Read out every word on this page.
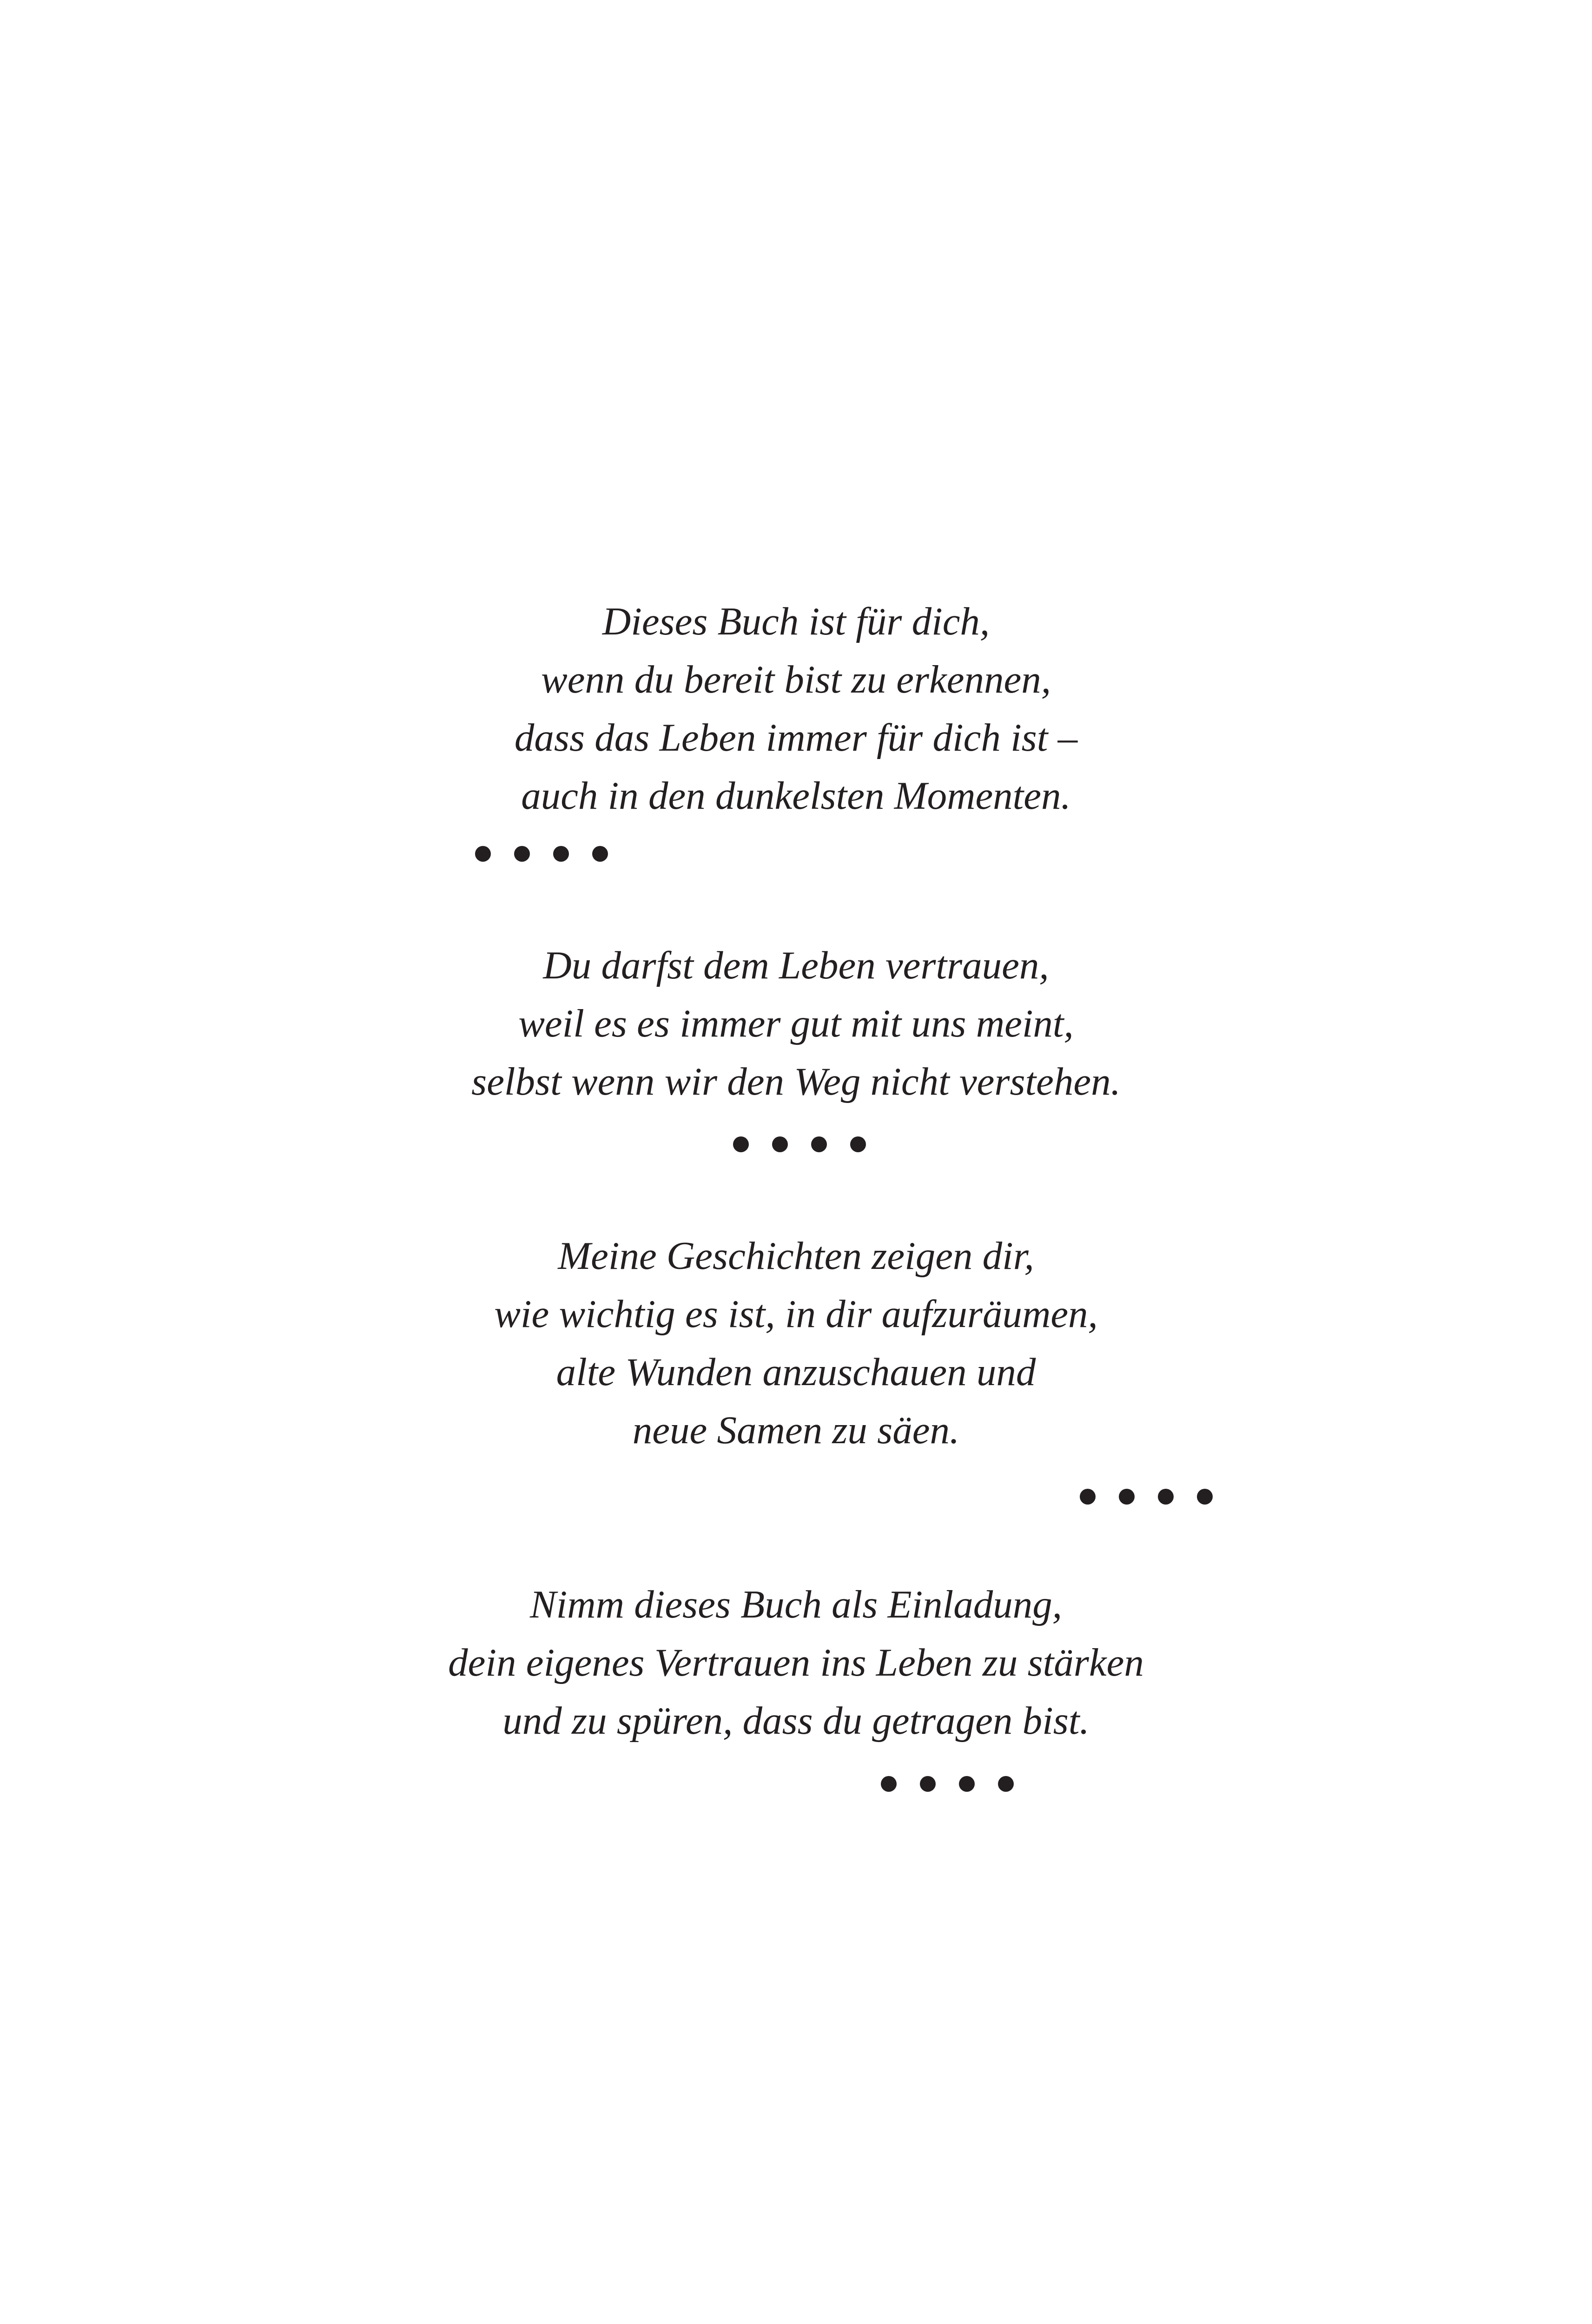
Dieses Buch ist für dich,
wenn du bereit bist zu erkennen,
dass das Leben immer für dich ist –
auch in den dunkelsten Momenten.
Du darfst dem Leben vertrauen,
weil es es immer gut mit uns meint,
selbst wenn wir den Weg nicht verstehen.
Meine Geschichten zeigen dir,
wie wichtig es ist, in dir aufzuräumen,
alte Wunden anzuschauen und
neue Samen zu säen.
Nimm dieses Buch als Einladung,
dein eigenes Vertrauen ins Leben zu stärken
und zu spüren, dass du getragen bist.
